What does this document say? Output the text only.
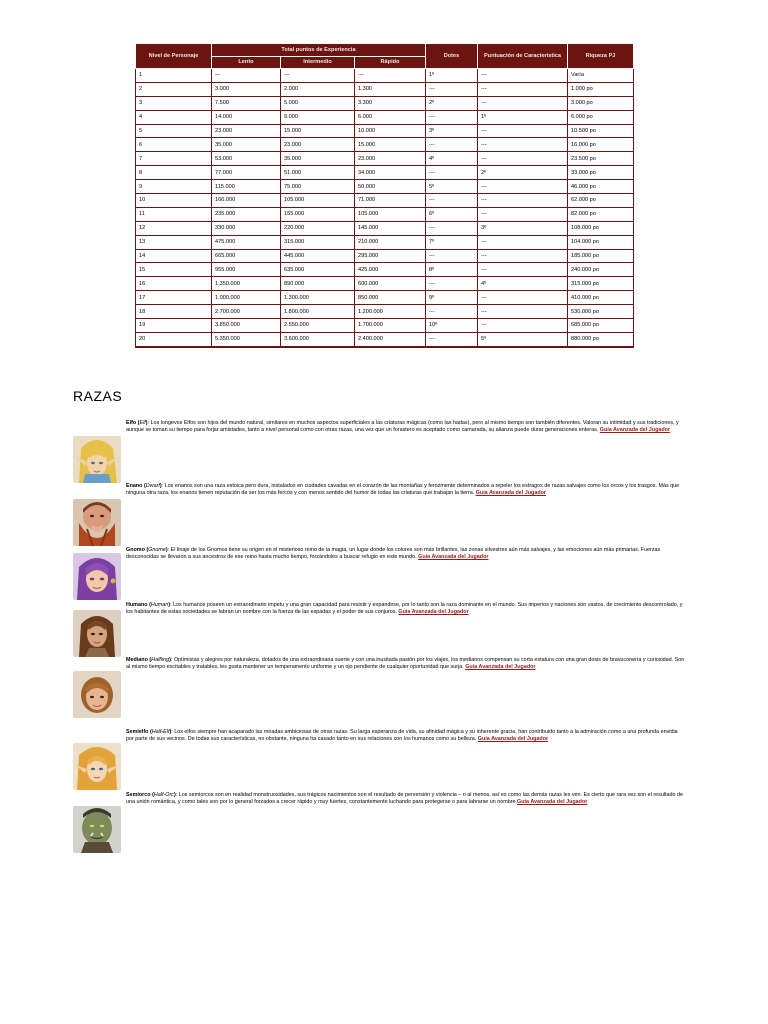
Nivel de Personaje	Total puntos de Experiencia			Dotes	Puntuación de Característica	Riqueza PJ
	Lento	Intermedio	Rápido			
1	---	---	---	1º	---	Varía
2	3.000	2.000	1.300	---	---	1.000 po
3	7.500	5.000	3.300	2º	---	3.000 po
4	14.000	9.000	6.000	---	1º	6.000 po
5	23.000	15.000	10.000	3º	---	10.500 po
6	35.000	23.000	15.000	---	---	16.000 po
7	53.000	35.000	23.000	4º	---	23.500 po
8	77.000	51.000	34.000	---	2º	33.000 po
9	115.000	75.000	50.000	5º	---	46.000 po
10	160.000	105.000	71.000	---	---	62.000 po
11	235.000	155.000	105.000	6º	---	82.000 po
12	330.000	220.000	145.000	---	3º	108.000 po
13	475.000	315.000	210.000	7º	---	104.000 po
14	665.000	445.000	295.000	---	---	185.000 po
15	955.000	635.000	425.000	8º	---	240.000 po
16	1.350.000	890.000	600.000	---	4º	315.000 po
17	1.000.000	1.300.000	850.000	9º	---	410.000 po
18	2.700.000	1.800.000	1.200.000	---	---	530.000 po
19	3.850.000	2.550.000	1.700.000	10º	---	685.000 po
20	5.350.000	3.600.000	2.400.000	---	5º	880.000 po
RAZAS
Elfo (Elf): Los longevos Elfos son hijos del mundo natural, similares en muchos aspectos superficiales a las criaturas mágicas (como las hadas), pero al mismo tiempo son también diferentes. Valoran su intimidad y sus tradiciones, y aunque se toman su tiempo para forjar amistades, tanto a nivel personal como con otras razas, una vez que un forastero es aceptado como camarada, su alianza puede durar generaciones enteras. Guía Avanzada del Jugador
Enano (Dwarf): Los enanos son una raza estoica pero dura, instalados en ciudades cavadas en el corazón de las montañas y ferozmente determinados a repeler los estragos de razas salvajes como los orcos y los trasgos. Más que ninguna otra raza, los enanos tienen reputación de ser los más fercos y con menos sentido del humor de todas las criaturas que trabajan la tierra. Guía Avanzada del Jugador
Gnomo (Gnome): El linaje de los Gnomos tiene su origen en el misterioso reino de la magia, un lugar donde los colores son más brillantes, las zonas silvestres aún más salvajes, y las emociones aún más primarias. Fuerzas desconocidas se llevaron a sus ancestros de ese reino hasta mucho tiempo, forzándoles a buscar refugio en este mundo. Guía Avanzada del Jugador
Humano (Human): Los humanos poseen un extraordinario impetu y una gran capacidad para resistir y expandirse, por lo tanto son la raza dominante en el mundo. Sus imperios y naciones son vastos, de crecimiento descontrolado, y los habitantes de estas sociedades se labran un nombre con la fuerza de las espadas y el poder de sus conjuros. Guía Avanzada del Jugador
Mediano (Halfling): Optimistas y alegres por naturaleza, dotados de una extraordinaria suerte y con una inusitada pasión por los viajes, los medianos compensan su corta estatura con una gran dosis de bravuconería y curiosidad. Son al mismo tiempo excitables y tratables, les gusta mantener un temperamento uniforme y un ojo pendiente de cualquier oportunidad que surja. Guía Avanzada del Jugador
Semielfo (Half-Elf): Los elfos siempre han acaparado las miradas ambiciosas de otras razas. Su larga esperanza de vida, su afinidad mágica y su inherente gracia, han contribuido tanto a la admiración como a una profunda envidia por parte de sus vecinos. De todas sus características, no obstante, ninguna ha casado tanto en sus relaciones con los humanos como su belleza. Guía Avanzada del Jugador
Semiorco (Half-Orc): Los semiorcos son en realidad monstruosidades, sus trágicos nacimientos son el resultado de perversión y violencia – o al menos, así es como las demás razas les ven. Es cierto que rara vez son el resultado de una unión romántica, y como tales son por lo general forzados a crecer rápido y muy fuertes, constantemente luchando para protegerse o para labrarse un nombre.Guía Avanzada del Jugador
